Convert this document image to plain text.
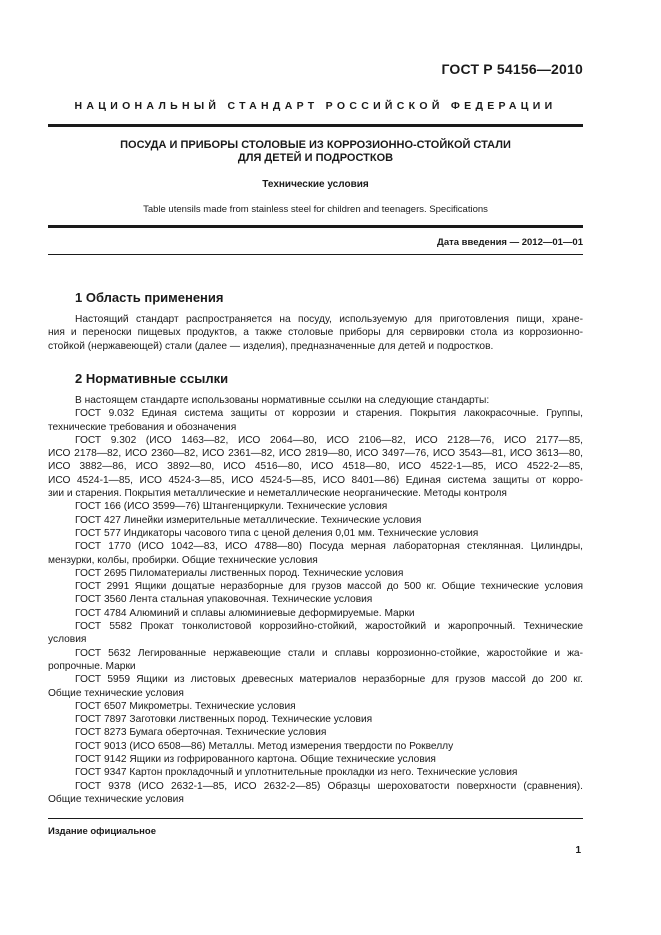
ГОСТ Р 54156—2010
НАЦИОНАЛЬНЫЙ СТАНДАРТ РОССИЙСКОЙ ФЕДЕРАЦИИ
ПОСУДА И ПРИБОРЫ СТОЛОВЫЕ ИЗ КОРРОЗИОННО-СТОЙКОЙ СТАЛИ
ДЛЯ ДЕТЕЙ И ПОДРОСТКОВ
Технические условия
Table utensils made from stainless steel for children and teenagers. Specifications
Дата введения — 2012—01—01
1 Область применения
Настоящий стандарт распространяется на посуду, используемую для приготовления пищи, хране-
ния и переноски пищевых продуктов, а также столовые приборы для сервировки стола из коррозионно-
стойкой (нержавеющей) стали (далее — изделия), предназначенные для детей и подростков.
2 Нормативные ссылки
В настоящем стандарте использованы нормативные ссылки на следующие стандарты:
ГОСТ 9.032 Единая система защиты от коррозии и старения. Покрытия лакокрасочные. Группы,
технические требования и обозначения
ГОСТ 9.302 (ИСО 1463—82, ИСО 2064—80, ИСО 2106—82, ИСО 2128—76, ИСО 2177—85,
ИСО 2178—82, ИСО 2360—82, ИСО 2361—82, ИСО 2819—80, ИСО 3497—76, ИСО 3543—81, ИСО 3613—80,
ИСО 3882—86, ИСО 3892—80, ИСО 4516—80, ИСО 4518—80, ИСО 4522-1—85, ИСО 4522-2—85,
ИСО 4524-1—85, ИСО 4524-3—85, ИСО 4524-5—85, ИСО 8401—86) Единая система защиты от корро-
зии и старения. Покрытия металлические и неметаллические неорганические. Методы контроля
ГОСТ 166 (ИСО 3599—76) Штангенциркули. Технические условия
ГОСТ 427 Линейки измерительные металлические. Технические условия
ГОСТ 577 Индикаторы часового типа с ценой деления 0,01 мм. Технические условия
ГОСТ 1770 (ИСО 1042—83, ИСО 4788—80) Посуда мерная лабораторная стеклянная. Цилиндры,
мензурки, колбы, пробирки. Общие технические условия
ГОСТ 2695 Пиломатериалы лиственных пород. Технические условия
ГОСТ 2991 Ящики дощатые неразборные для грузов массой до 500 кг. Общие технические условия
ГОСТ 3560 Лента стальная упаковочная. Технические условия
ГОСТ 4784 Алюминий и сплавы алюминиевые деформируемые. Марки
ГОСТ 5582 Прокат тонколистовой коррозийно-стойкий, жаростойкий и жаропрочный. Технические
условия
ГОСТ 5632 Легированные нержавеющие стали и сплавы коррозионно-стойкие, жаростойкие и жа-
ропрочные. Марки
ГОСТ 5959 Ящики из листовых древесных материалов неразборные для грузов массой до 200 кг.
Общие технические условия
ГОСТ 6507 Микрометры. Технические условия
ГОСТ 7897 Заготовки лиственных пород. Технические условия
ГОСТ 8273 Бумага оберточная. Технические условия
ГОСТ 9013 (ИСО 6508—86) Металлы. Метод измерения твердости по Роквеллу
ГОСТ 9142 Ящики из гофрированного картона. Общие технические условия
ГОСТ 9347 Картон прокладочный и уплотнительные прокладки из него. Технические условия
ГОСТ 9378 (ИСО 2632-1—85, ИСО 2632-2—85) Образцы шероховатости поверхности (сравнения).
Общие технические условия
Издание официальное
1
